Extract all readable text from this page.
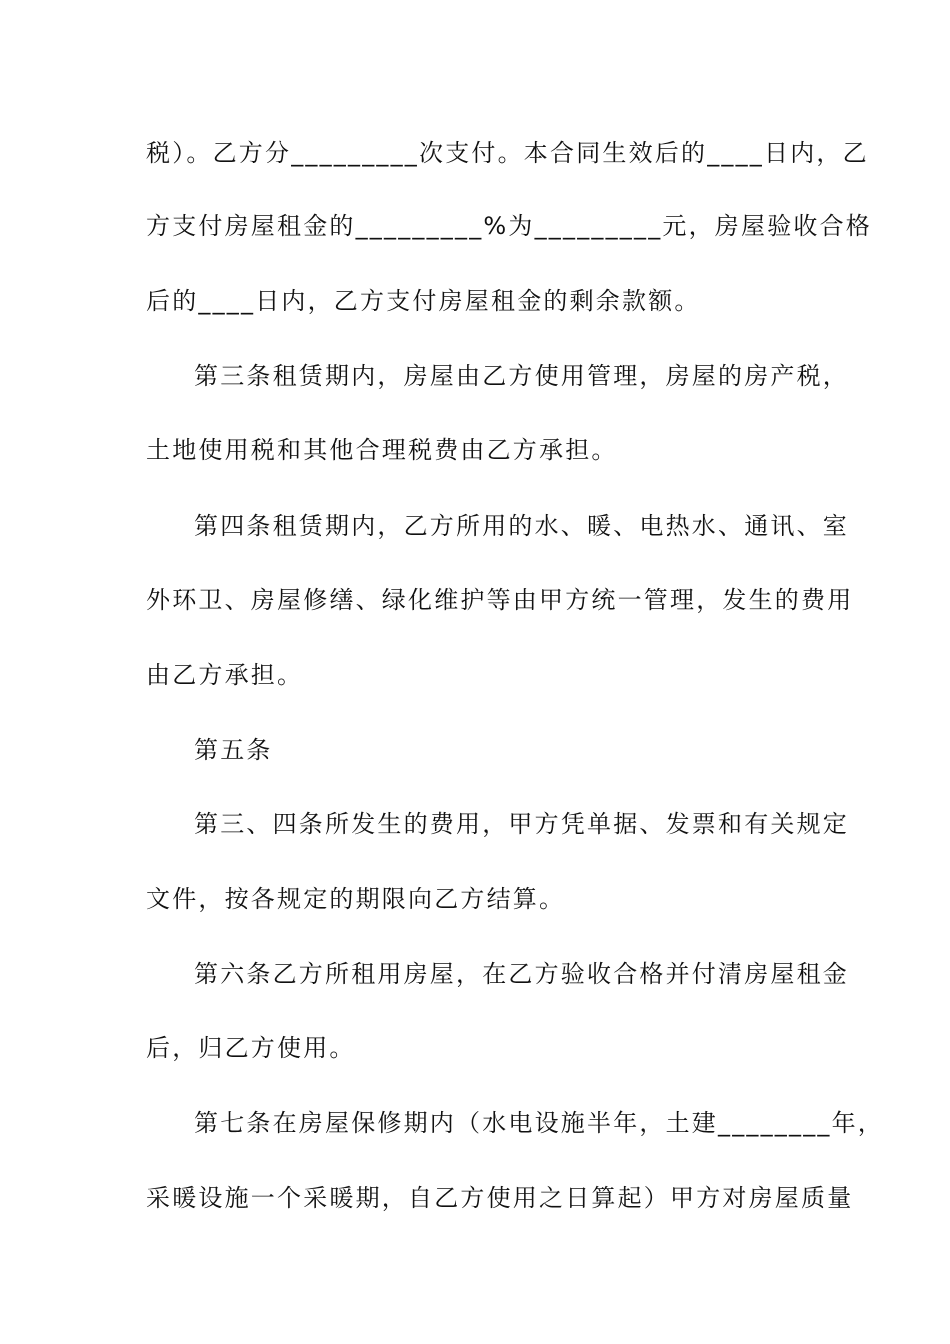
税）。乙方分_________次支付。本合同生效后的____日内，乙
方支付房屋租金的_________%为_________元，房屋验收合格
后的____日内，乙方支付房屋租金的剩余款额。
第三条租赁期内，房屋由乙方使用管理，房屋的房产税，
土地使用税和其他合理税费由乙方承担。
第四条租赁期内，乙方所用的水、暖、电热水、通讯、室
外环卫、房屋修缮、绿化维护等由甲方统一管理，发生的费用
由乙方承担。
第五条
第三、四条所发生的费用，甲方凭单据、发票和有关规定
文件，按各规定的期限向乙方结算。
第六条乙方所租用房屋，在乙方验收合格并付清房屋租金
后，归乙方使用。
第七条在房屋保修期内（水电设施半年，土建________年，
采暖设施一个采暖期，自乙方使用之日算起）甲方对房屋质量
